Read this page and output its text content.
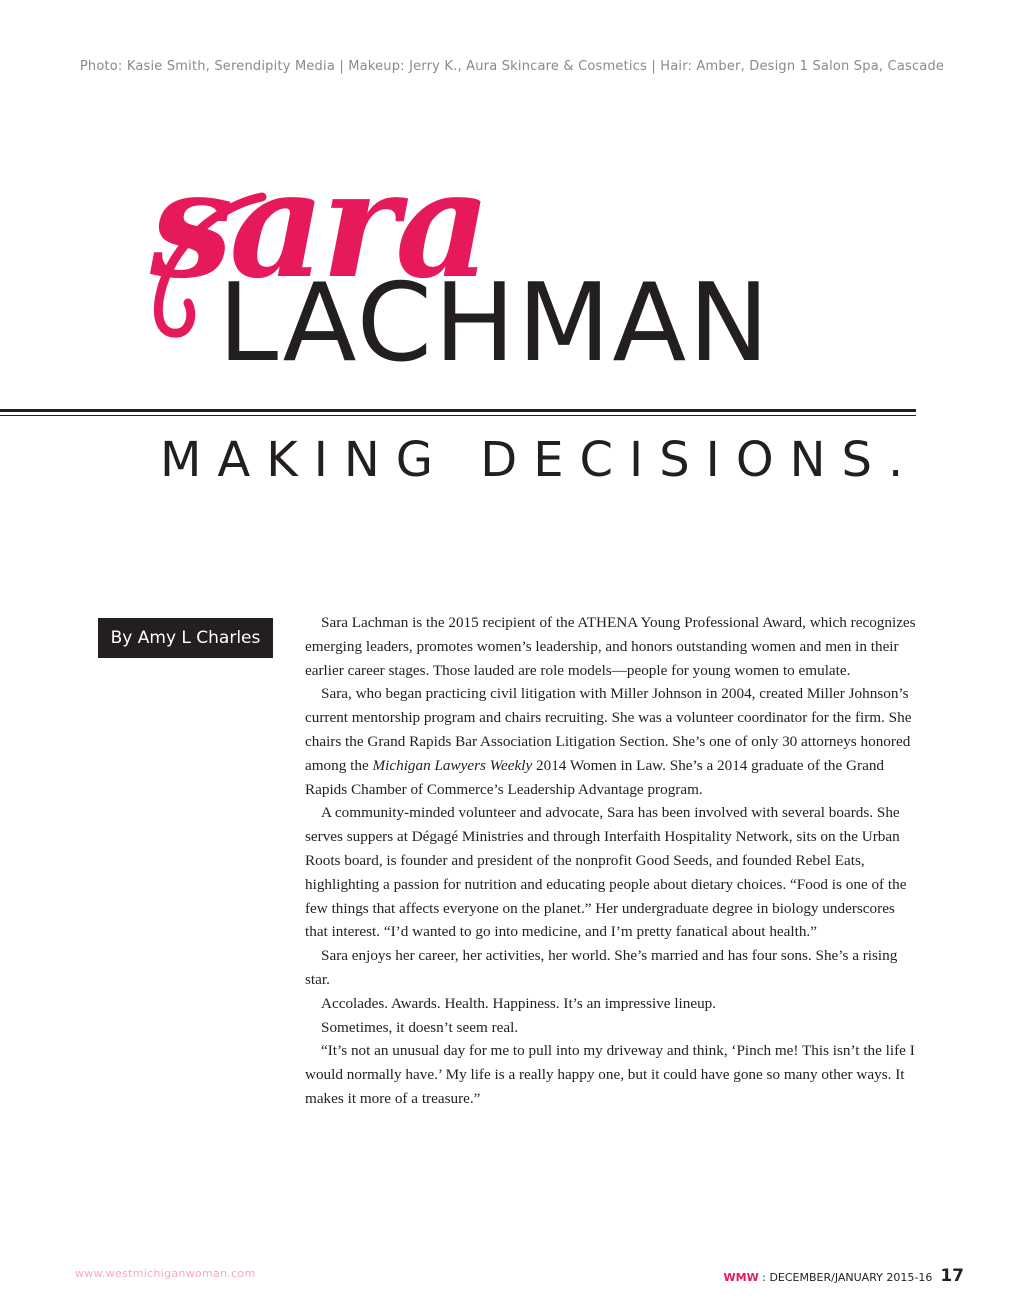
Photo: Kasie Smith, Serendipity Media | Makeup: Jerry K., Aura Skincare & Cosmetics | Hair: Amber, Design 1 Salon Spa, Cascade
sara
LACHMAN
MAKING DECISIONS.
By Amy L Charles

Sara Lachman is the 2015 recipient of the ATHENA Young Professional Award, which recognizes emerging leaders, promotes women’s leadership, and honors outstanding women and men in their earlier career stages. Those lauded are role models—people for young women to emulate.

Sara, who began practicing civil litigation with Miller Johnson in 2004, created Miller Johnson’s current mentorship program and chairs recruiting. She was a volunteer coordinator for the firm. She chairs the Grand Rapids Bar Association Litigation Section. She’s one of only 30 attorneys honored among the Michigan Lawyers Weekly 2014 Women in Law. She’s a 2014 graduate of the Grand Rapids Chamber of Commerce’s Leadership Advantage program.

A community-minded volunteer and advocate, Sara has been involved with several boards. She serves suppers at Dégagé Ministries and through Interfaith Hospitality Network, sits on the Urban Roots board, is founder and president of the nonprofit Good Seeds, and founded Rebel Eats, highlighting a passion for nutrition and educating people about dietary choices. “Food is one of the few things that affects everyone on the planet.” Her undergraduate degree in biology underscores that interest. “I’d wanted to go into medicine, and I’m pretty fanatical about health.”

Sara enjoys her career, her activities, her world. She’s married and has four sons. She’s a rising star.

Accolades. Awards. Health. Happiness. It’s an impressive lineup.

Sometimes, it doesn’t seem real.

“It’s not an unusual day for me to pull into my driveway and think, ‘Pinch me! This isn’t the life I would normally have.’ My life is a really happy one, but it could have gone so many other ways. It makes it more of a treasure.”

www.westmichiganwoman.com	WMW : DECEMBER/JANUARY 2015-16 17
